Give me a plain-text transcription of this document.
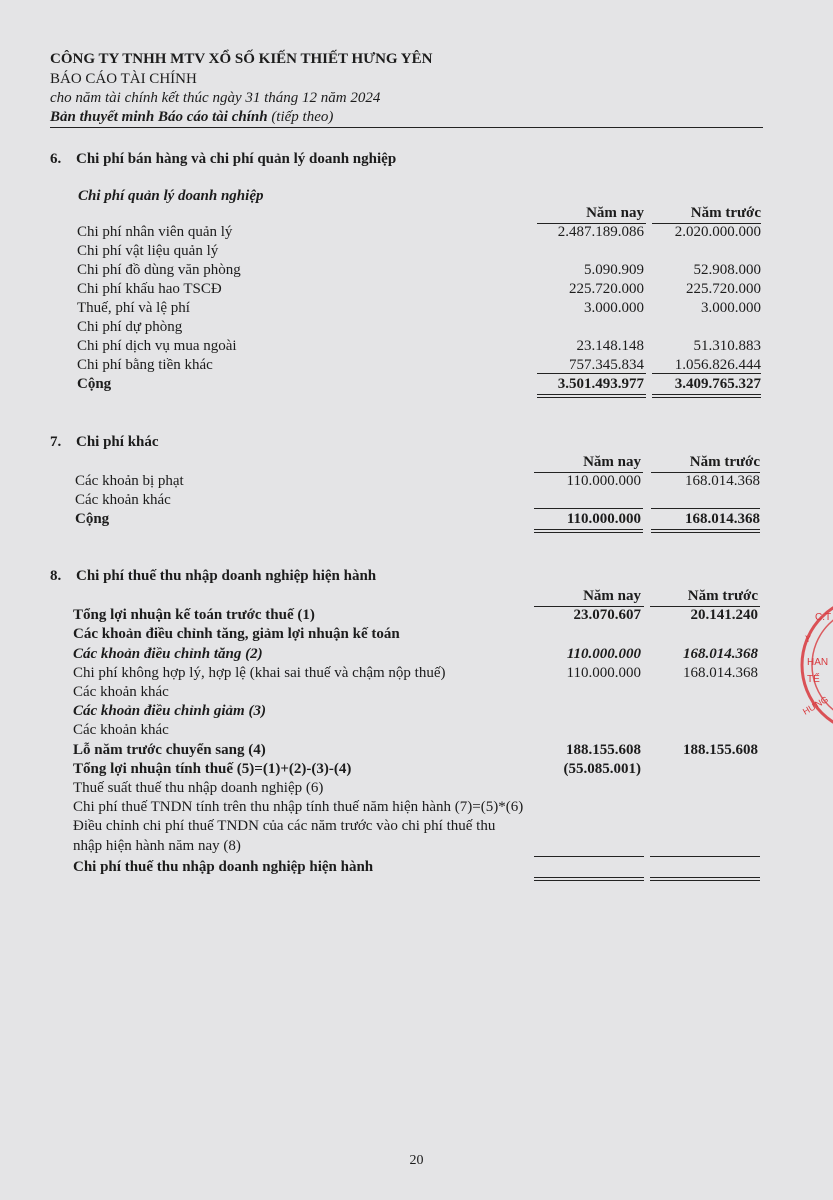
CÔNG TY TNHH MTV XỔ SỐ KIẾN THIẾT HƯNG YÊN
BÁO CÁO TÀI CHÍNH
cho năm tài chính kết thúc ngày 31 tháng 12 năm 2024
Bản thuyết minh Báo cáo tài chính (tiếp theo)
6. Chi phí bán hàng và chi phí quản lý doanh nghiệp
Chi phí quản lý doanh nghiệp
Năm nay	Năm trước
Chi phí nhân viên quản lý	2.487.189.086 2.020.000.000
Chi phí vật liệu quản lý
Chi phí đồ dùng văn phòng	5.090.909	52.908.000
Chi phí khấu hao TSCĐ	225.720.000	225.720.000
Thuế, phí và lệ phí	3.000.000	3.000.000
Chi phí dự phòng
Chi phí dịch vụ mua ngoài	23.148.148	51.310.883
Chi phí bằng tiền khác	757.345.834 1.056.826.444
Cộng	3.501.493.977 3.409.765.327
7. Chi phí khác
Năm nay	Năm trước
Các khoản bị phạt	110.000.000	168.014.368
Các khoản khác
Cộng	110.000.000	168.014.368
8. Chi phí thuế thu nhập doanh nghiệp hiện hành
Năm nay	Năm trước
Tổng lợi nhuận kế toán trước thuế (1)	23.070.607	20.141.240
Các khoản điều chỉnh tăng, giảm lợi nhuận kế toán
Các khoản điều chỉnh tăng (2)	110.000.000	168.014.368
Chi phí không hợp lý, hợp lệ (khai sai thuế và chậm nộp thuế)	110.000.000	168.014.368
Các khoản khác
Các khoản điều chỉnh giảm (3)
Các khoản khác
Lỗ năm trước chuyển sang (4)	188.155.608	188.155.608
Tổng lợi nhuận tính thuế (5)=(1)+(2)-(3)-(4)	(55.085.001)
Thuế suất thuế thu nhập doanh nghiệp (6)
Chi phí thuế TNDN tính trên thu nhập tính thuế năm hiện hành (7)=(5)*(6)
Điều chỉnh chi phí thuế TNDN của các năm trước vào chi phí thuế thu
nhập hiện hành năm nay (8)
Chi phí thuế thu nhập doanh nghiệp hiện hành
20
C.T
Y
HAN
TẾ
HƯNG
